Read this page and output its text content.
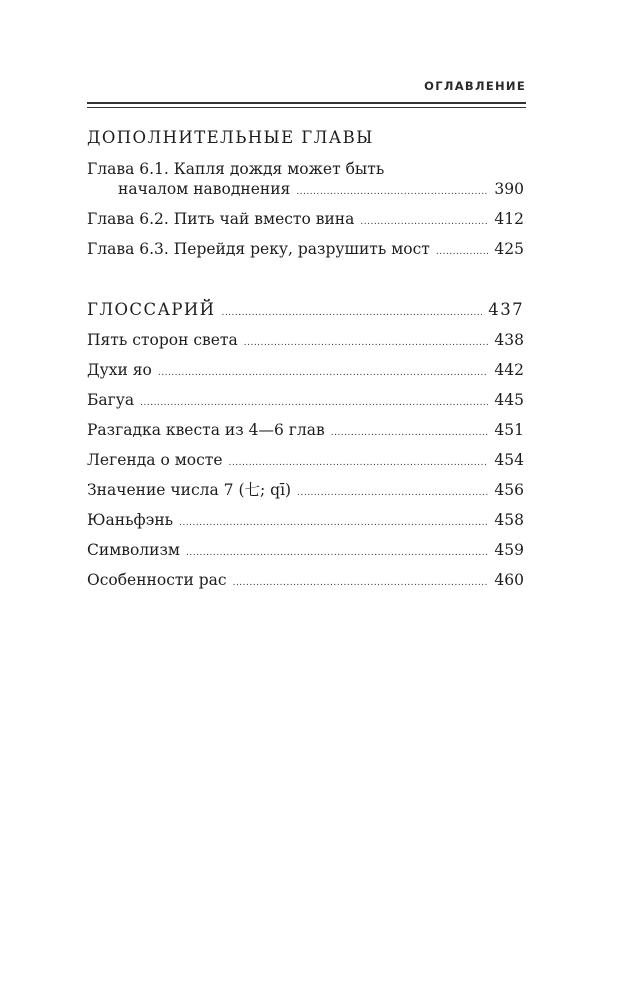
ОГЛАВЛЕНИЕ
ДОПОЛНИТЕЛЬНЫЕ ГЛАВЫ
Глава 6.1. Капля дождя может быть
началом наводнения .....	390
Глава 6.2. Пить чай вместо вина .....	412
Глава 6.3. Перейдя реку, разрушить мост .....	425
ГЛОССАРИЙ .....	437
Пять сторон света .....	438
Духи яо .....	442
Багуа .....	445
Разгадка квеста из 4—6 глав .....	451
Легенда о мосте .....	454
Значение числа 7 (七; qī) .....	456
Юаньфэнь .....	458
Символизм .....	459
Особенности рас .....	460
